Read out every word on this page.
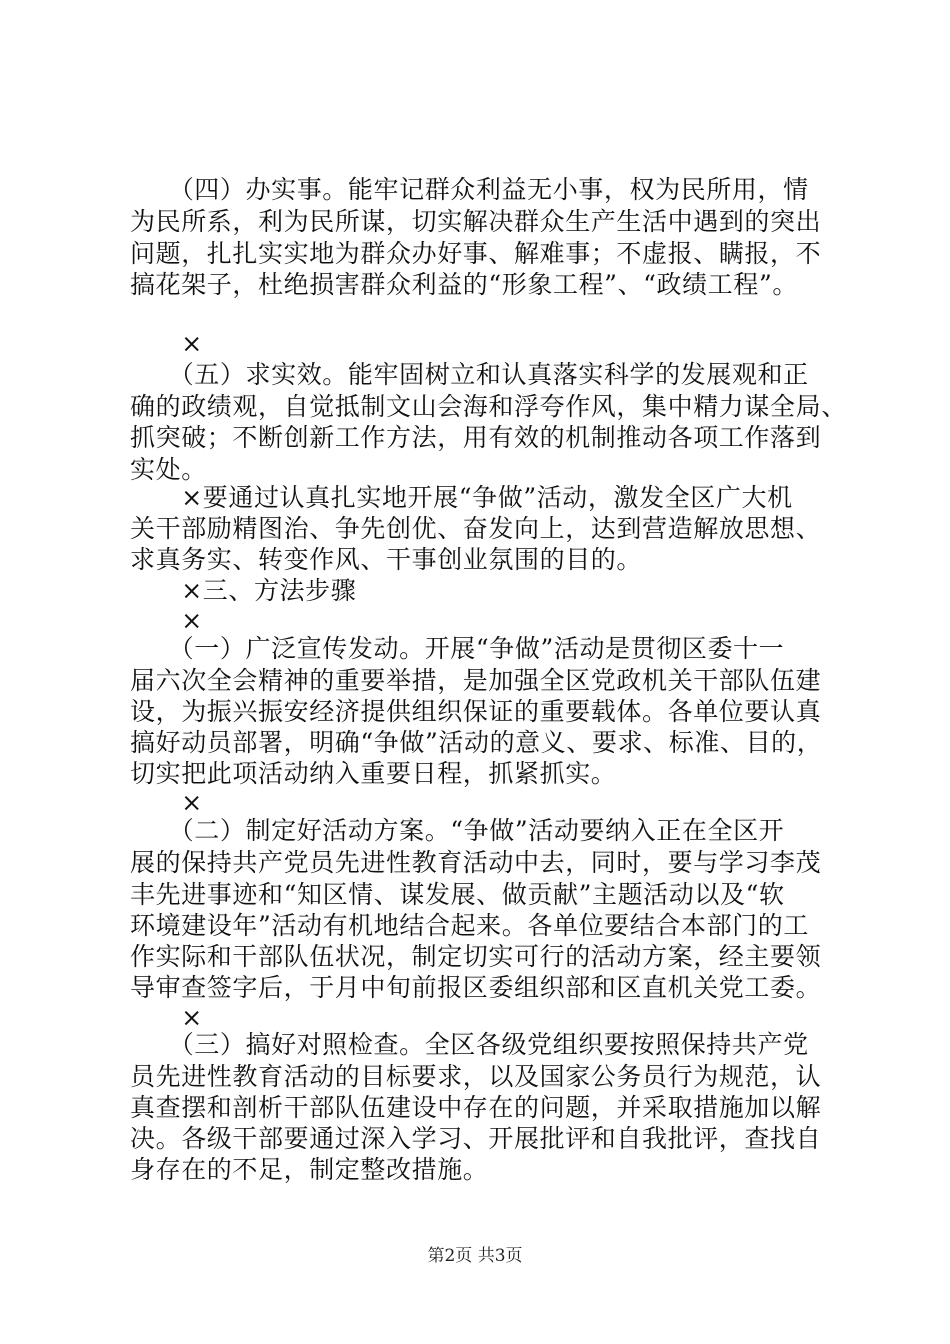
　　（四）办实事。能牢记群众利益无小事，权为民所用，情
为民所系，利为民所谋，切实解决群众生产生活中遇到的突出
问题，扎扎实实地为群众办好事、解难事；不虚报、瞒报，不
搞花架子，杜绝损害群众利益的“形象工程”、“政绩工程”。
　　×
　　（五）求实效。能牢固树立和认真落实科学的发展观和正
确的政绩观，自觉抵制文山会海和浮夸作风，集中精力谋全局、
抓突破；不断创新工作方法，用有效的机制推动各项工作落到
实处。
　　×要通过认真扎实地开展“争做”活动，激发全区广大机
关干部励精图治、争先创优、奋发向上，达到营造解放思想、
求真务实、转变作风、干事创业氛围的目的。
　　×三、方法步骤
　　×
　　（一）广泛宣传发动。开展“争做”活动是贯彻区委十一
届六次全会精神的重要举措，是加强全区党政机关干部队伍建
设，为振兴振安经济提供组织保证的重要载体。各单位要认真
搞好动员部署，明确“争做”活动的意义、要求、标准、目的，
切实把此项活动纳入重要日程，抓紧抓实。
　　×
　　（二）制定好活动方案。“争做”活动要纳入正在全区开
展的保持共产党员先进性教育活动中去，同时，要与学习李茂
丰先进事迹和“知区情、谋发展、做贡献”主题活动以及“软
环境建设年”活动有机地结合起来。各单位要结合本部门的工
作实际和干部队伍状况，制定切实可行的活动方案，经主要领
导审查签字后，于月中旬前报区委组织部和区直机关党工委。
　　×
　　（三）搞好对照检查。全区各级党组织要按照保持共产党
员先进性教育活动的目标要求，以及国家公务员行为规范，认
真查摆和剖析干部队伍建设中存在的问题，并采取措施加以解
决。各级干部要通过深入学习、开展批评和自我批评，查找自
身存在的不足，制定整改措施。
第2页 共3页
